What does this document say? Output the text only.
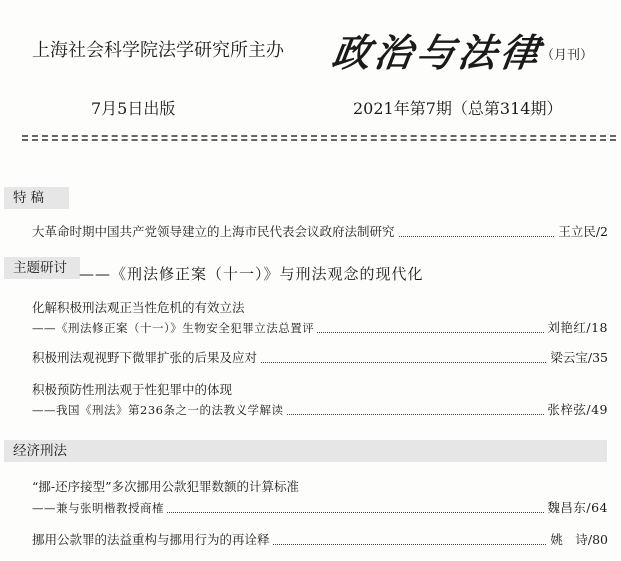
上海社会科学院法学研究所主办 政治与法律
（月刊）
7月5日出版	2021年第7期（总第314期）
特稿
大革命时期中国共产党领导建立的上海市民代表会议政府法制研究	王立民/2
主题研讨 ——《刑法修正案（十一）》与刑法观念的现代化
化解积极刑法观正当性危机的有效立法
——《刑法修正案（十一）》生物安全犯罪立法总置评	刘艳红/18
积极刑法观视野下微罪扩张的后果及应对	梁云宝/35
积极预防性刑法观于性犯罪中的体现
——我国《刑法》第236条之一的法教义学解读	张梓弦/49
经济刑法
“挪-还序接型”多次挪用公款犯罪数额的计算标准
——兼与张明楷教授商榷	魏昌东/64
挪用公款罪的法益重构与挪用行为的再诠释	姚　诗/80
